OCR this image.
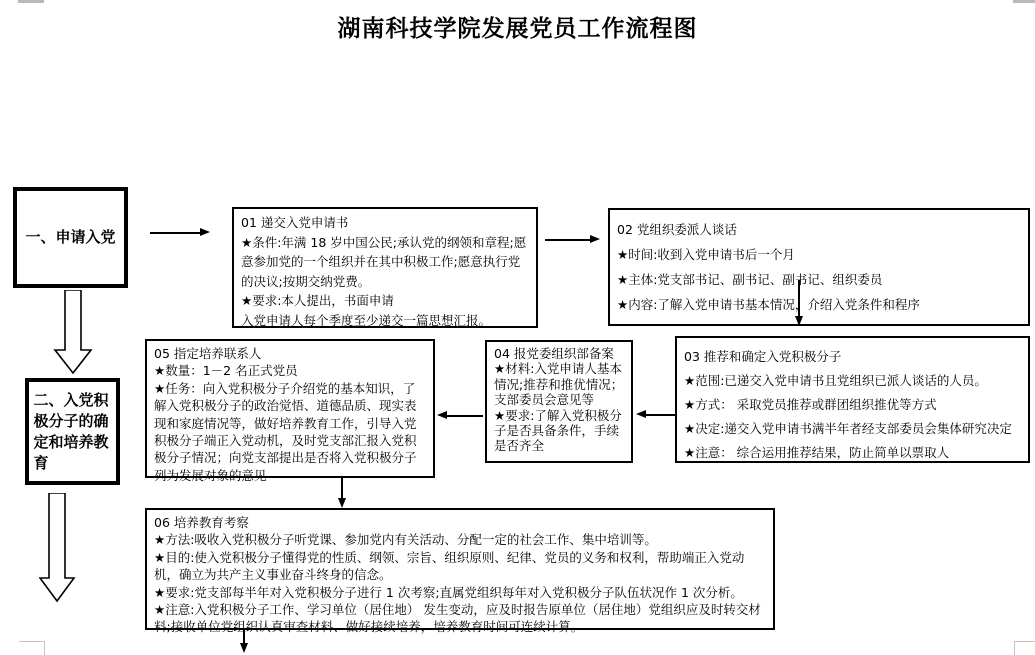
湖南科技学院发展党员工作流程图
一、申请入党
二、入党积极分子的确定和培养教育
01 递交入党申请书
★条件:年满 18 岁中国公民;承认党的纲领和章程;愿意参加党的一个组织并在其中积极工作;愿意执行党的决议;按期交纳党费。
★要求:本人提出，书面申请
入党申请人每个季度至少递交一篇思想汇报。
02 党组织委派人谈话
★时间:收到入党申请书后一个月
★主体:党支部书记、副书记、副书记、组织委员
★内容:了解入党申请书基本情况，介绍入党条件和程序
03 推荐和确定入党积极分子
★范围:已递交入党申请书且党组织已派人谈话的人员。
★方式： 采取党员推荐或群团组织推优等方式
★决定:递交入党申请书满半年者经支部委员会集体研究决定
★注意： 综合运用推荐结果，防止简单以票取人
04 报党委组织部备案
★材料:入党申请人基本情况;推荐和推优情况；支部委员会意见等
★要求:了解入党积极分子是否具备条件，手续是否齐全
05 指定培养联系人
★数量：1－2 名正式党员
★任务：向入党积极分子介绍党的基本知识，了解入党积极分子的政治觉悟、道德品质、现实表现和家庭情况等，做好培养教育工作，引导入党积极分子端正入党动机，及时党支部汇报入党积极分子情况；向党支部提出是否将入党积极分子列为发展对象的意见
06 培养教育考察
★方法:吸收入党积极分子听党课、参加党内有关活动、分配一定的社会工作、集中培训等。
★目的:使入党积极分子懂得党的性质、纲领、宗旨、组织原则、纪律、党员的义务和权利，帮助端正入党动机，确立为共产主义事业奋斗终身的信念。
★要求:党支部每半年对入党积极分子进行 1 次考察;直属党组织每年对入党积极分子队伍状况作 1 次分析。
★注意:入党积极分子工作、学习单位（居住地） 发生变动，应及时报告原单位（居住地）党组织应及时转交材料;接收单位党组织认真审查材料、做好接续培养，培养教育时间可连续计算。
